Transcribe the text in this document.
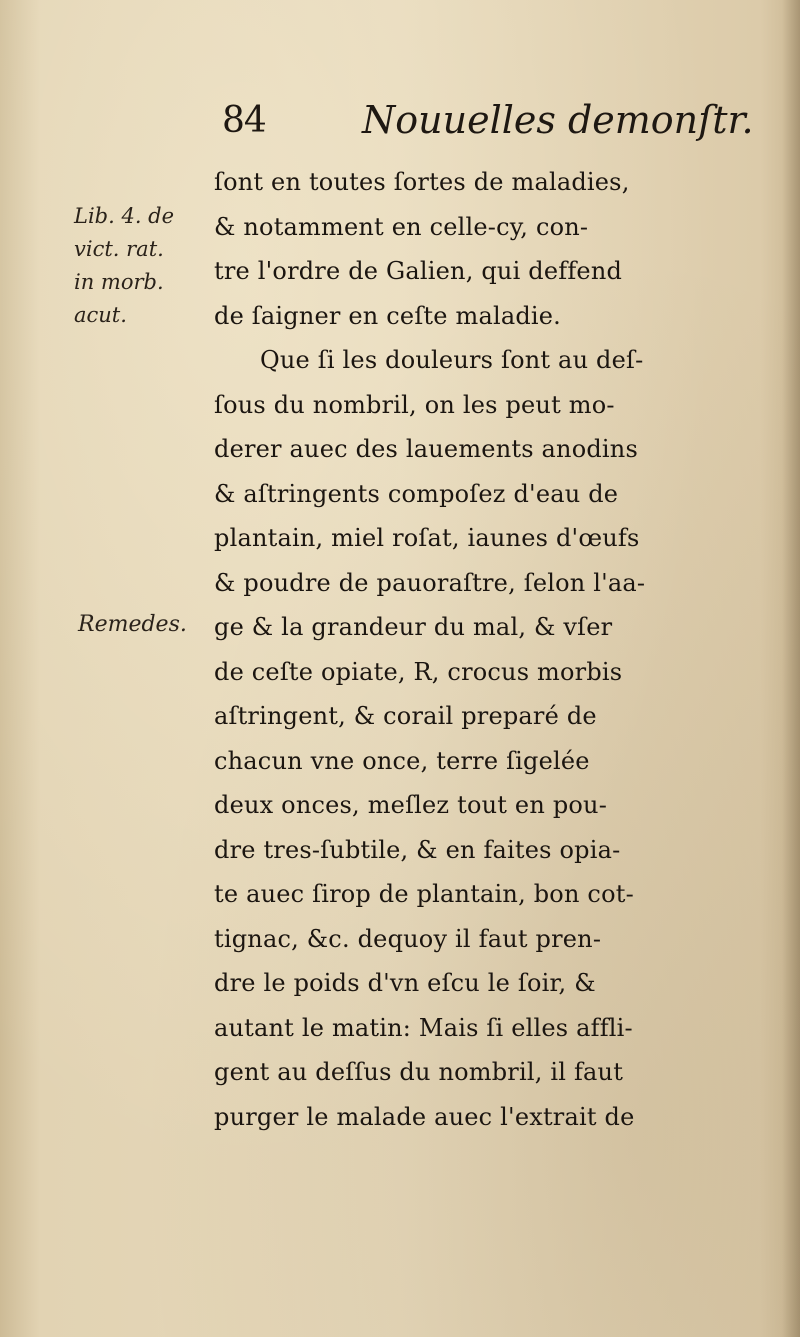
84	Nouuelles demonſtr.
Lib. 4. de
vict. rat.
in morb.
acut.
Remedes.
ſont en toutes ſortes de maladies,
& notamment en celle-cy, con-
tre l'ordre de Galien, qui deffend
de ſaigner en ceſte maladie.
Que ſi les douleurs ſont au deſ-
ſous du nombril, on les peut mo-
derer auec des lauements anodins
& aſtringents compoſez d'eau de
plantain, miel roſat, iaunes d'œufs
& poudre de pauoraſtre, ſelon l'aa-
ge & la grandeur du mal, & vſer
de ceſte opiate, R, crocus morbis
aſtringent, & corail preparé de
chacun vne once, terre ſigelée
deux onces, meſlez tout en pou-
dre tres-ſubtile, & en faites opia-
te auec ſirop de plantain, bon cot-
tignac, &c. dequoy il faut pren-
dre le poids d'vn eſcu le ſoir, &
autant le matin: Mais ſi elles affli-
gent au deſſus du nombril, il faut
purger le malade auec l'extrait de
